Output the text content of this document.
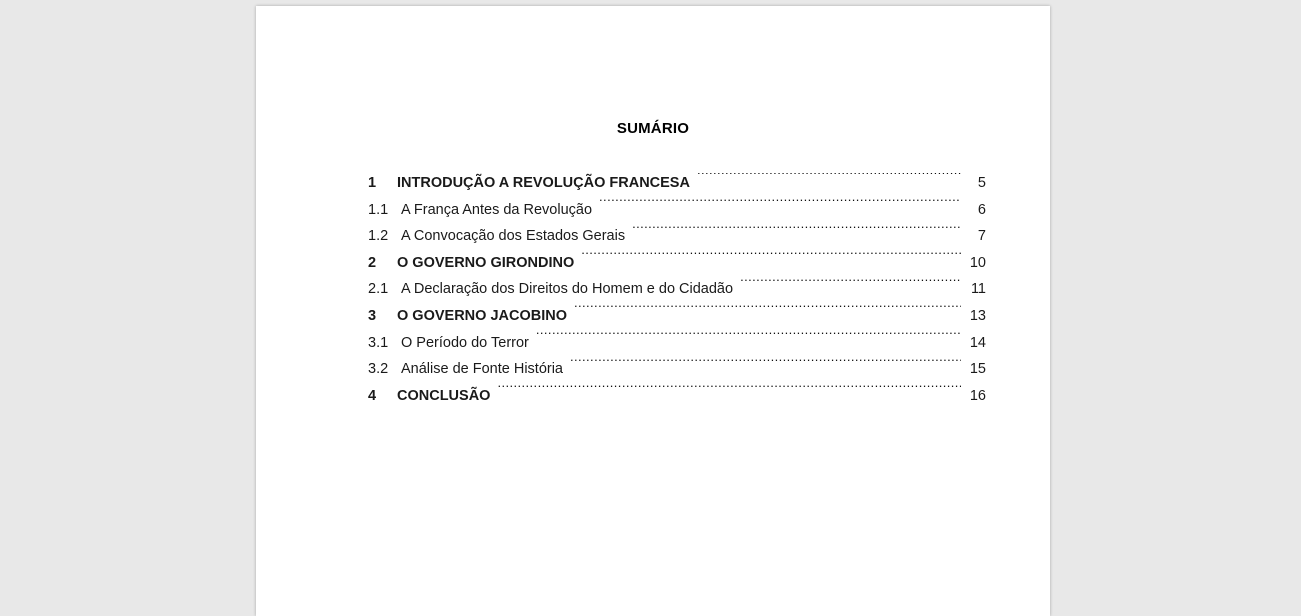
SUMÁRIO
1	INTRODUÇÃO A REVOLUÇÃO FRANCESA .....	5
1.1 A França Antes da Revolução .....	6
1.2 A Convocação dos Estados Gerais .....	7
2	O GOVERNO GIRONDINO .....	10
2.1 A Declaração dos Direitos do Homem e do Cidadão .....	11
3	O GOVERNO JACOBINO .....	13
3.1 O Período do Terror .....	14
3.2 Análise de Fonte História .....	15
4	CONCLUSÃO .....	16
